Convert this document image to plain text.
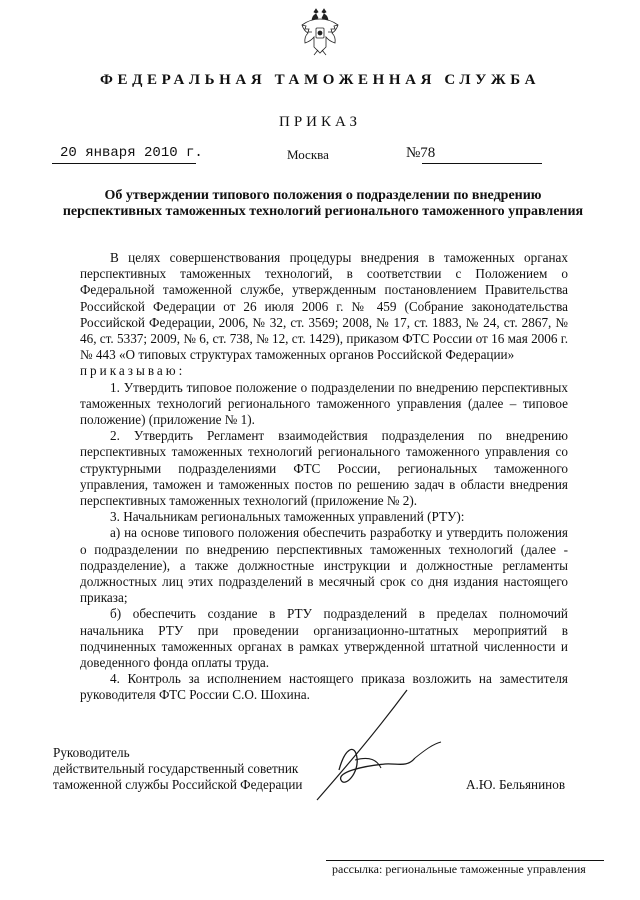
ФЕДЕРАЛЬНАЯ ТАМОЖЕННАЯ СЛУЖБА

ПРИКАЗ

20 января 2010 г.	Москва	№78

Об утверждении типового положения о подразделении по внедрению перспективных таможенных технологий регионального таможенного управления

В целях совершенствования процедуры внедрения в таможенных органах перспективных таможенных технологий, в соответствии с Положением о Федеральной таможенной службе, утвержденным постановлением Правительства Российской Федерации от 26 июля 2006 г. № 459 (Собрание законодательства Российской Федерации, 2006, № 32, ст. 3569; 2008, № 17, ст. 1883, № 24, ст. 2867, № 46, ст. 5337; 2009, № 6, ст. 738, № 12, ст. 1429), приказом ФТС России от 16 мая 2006 г. № 443 «О типовых структурах таможенных органов Российской Федерации»

приказываю:

1. Утвердить типовое положение о подразделении по внедрению перспективных таможенных технологий регионального таможенного управления (далее – типовое положение) (приложение № 1).

2. Утвердить Регламент взаимодействия подразделения по внедрению перспективных таможенных технологий регионального таможенного управления со структурными подразделениями ФТС России, региональных таможенного управления, таможен и таможенных постов по решению задач в области внедрения перспективных таможенных технологий (приложение № 2).

3. Начальникам региональных таможенных управлений (РТУ):

а) на основе типового положения обеспечить разработку и утвердить положения о подразделении по внедрению перспективных таможенных технологий (далее - подразделение), а также должностные инструкции и должностные регламенты должностных лиц этих подразделений в месячный срок со дня издания настоящего приказа;

б) обеспечить создание в РТУ подразделений в пределах полномочий начальника РТУ при проведении организационно-штатных мероприятий в подчиненных таможенных органах в рамках утвержденной штатной численности и доведенного фонда оплаты труда.

4. Контроль за исполнением настоящего приказа возложить на заместителя руководителя ФТС России С.О. Шохина.

Руководитель
действительный государственный советник
таможенной службы Российской Федерации	А.Ю. Бельянинов
рассылка: региональные таможенные управления
